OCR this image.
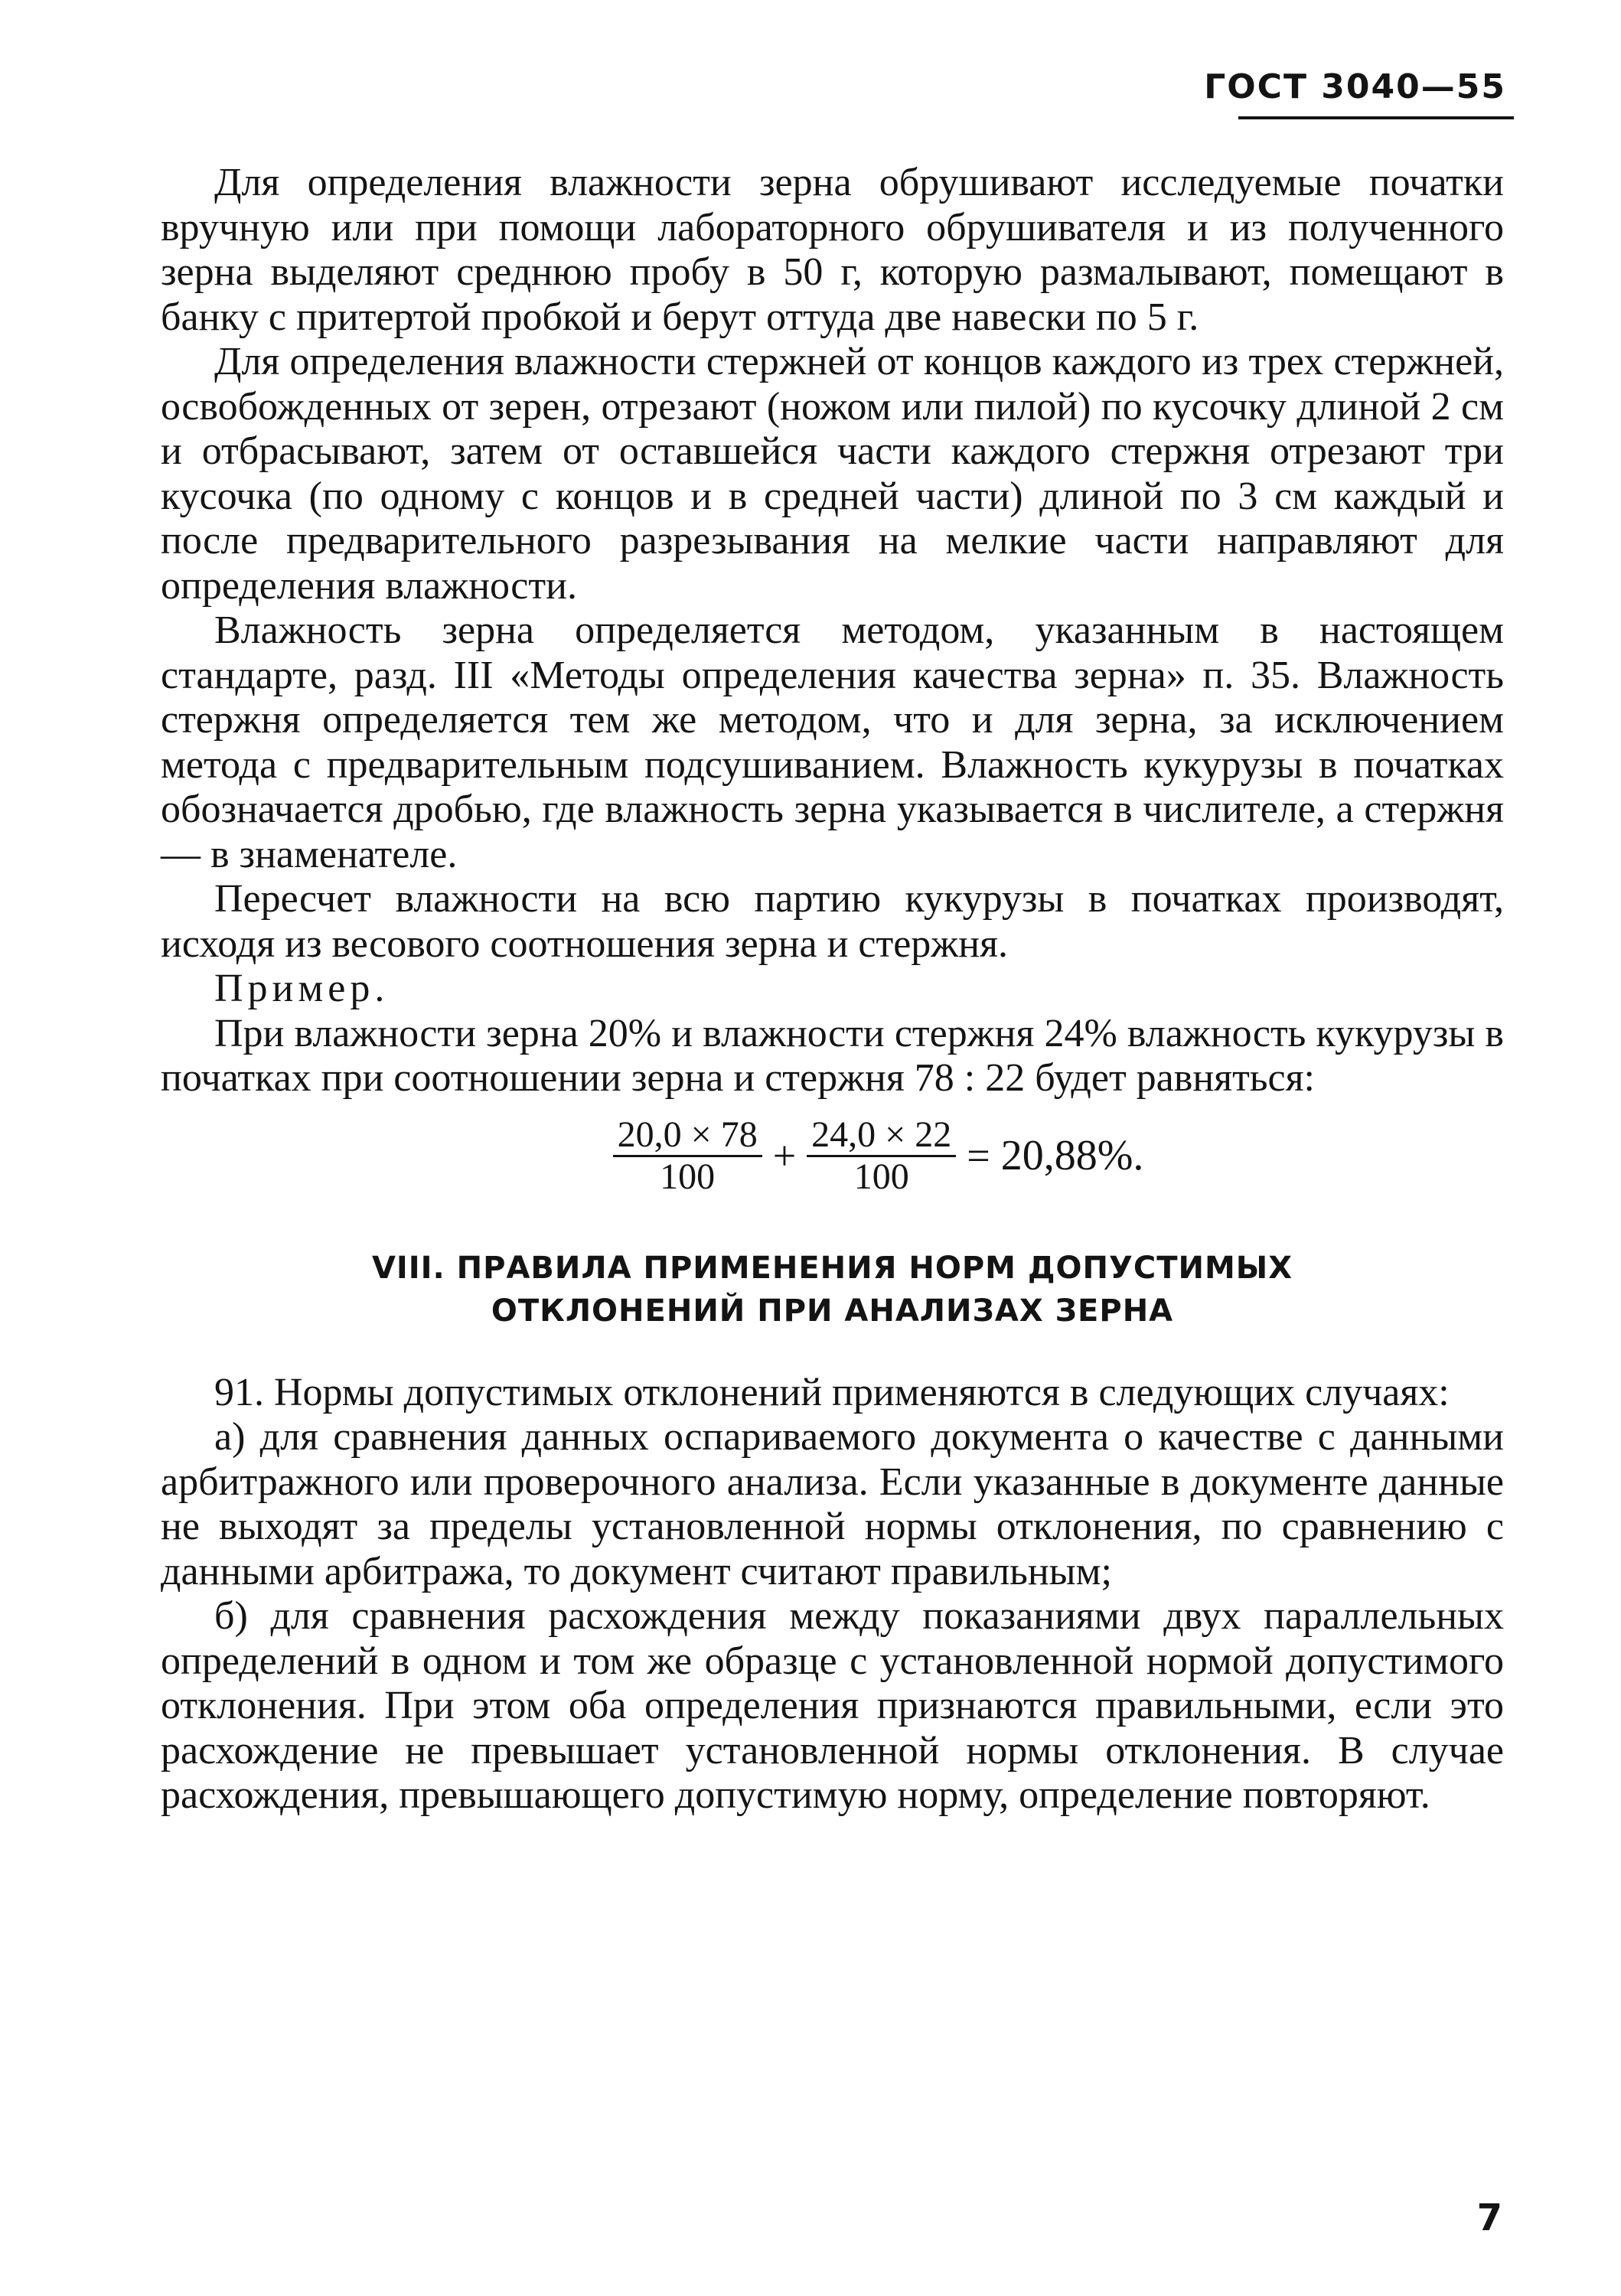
ГОСТ 3040—55

Для определения влажности зерна обрушивают исследуемые початки вручную или при помощи лабораторного обрушивателя и из полученного зерна выделяют среднюю пробу в 50 г, которую размалывают, помещают в банку с притертой пробкой и берут оттуда две навески по 5 г.

Для определения влажности стержней от концов каждого из трех стержней, освобожденных от зерен, отрезают (ножом или пилой) по кусочку длиной 2 см и отбрасывают, затем от оставшейся части каждого стержня отрезают три кусочка (по одному с концов и в средней части) длиной по 3 см каждый и после предварительного разрезывания на мелкие части направляют для определения влажности.

Влажность зерна определяется методом, указанным в настоящем стандарте, разд. III «Методы определения качества зерна» п. 35. Влажность стержня определяется тем же методом, что и для зерна, за исключением метода с предварительным подсушиванием. Влажность кукурузы в початках обозначается дробью, где влажность зерна указывается в числителе, а стержня — в знаменателе.

Пересчет влажности на всю партию кукурузы в початках производят, исходя из весового соотношения зерна и стержня.

Пример.

При влажности зерна 20% и влажности стержня 24% влажность кукурузы в початках при соотношении зерна и стержня 78 : 22 будет равняться:

$\frac{20,0 \times 78}{100} + \frac{24,0 \times 22}{100} = 20,88\%$.
VIII. ПРАВИЛА ПРИМЕНЕНИЯ НОРМ ДОПУСТИМЫХ
ОТКЛОНЕНИЙ ПРИ АНАЛИЗАХ ЗЕРНА

91. Нормы допустимых отклонений применяются в следующих случаях:

а) для сравнения данных оспариваемого документа о качестве с данными арбитражного или проверочного анализа. Если указанные в документе данные не выходят за пределы установленной нормы отклонения, по сравнению с данными арбитража, то документ считают правильным;

б) для сравнения расхождения между показаниями двух параллельных определений в одном и том же образце с установленной нормой допустимого отклонения. При этом оба определения признаются правильными, если это расхождение не превышает установленной нормы отклонения. В случае расхождения, превышающего допустимую норму, определение повторяют.

7
